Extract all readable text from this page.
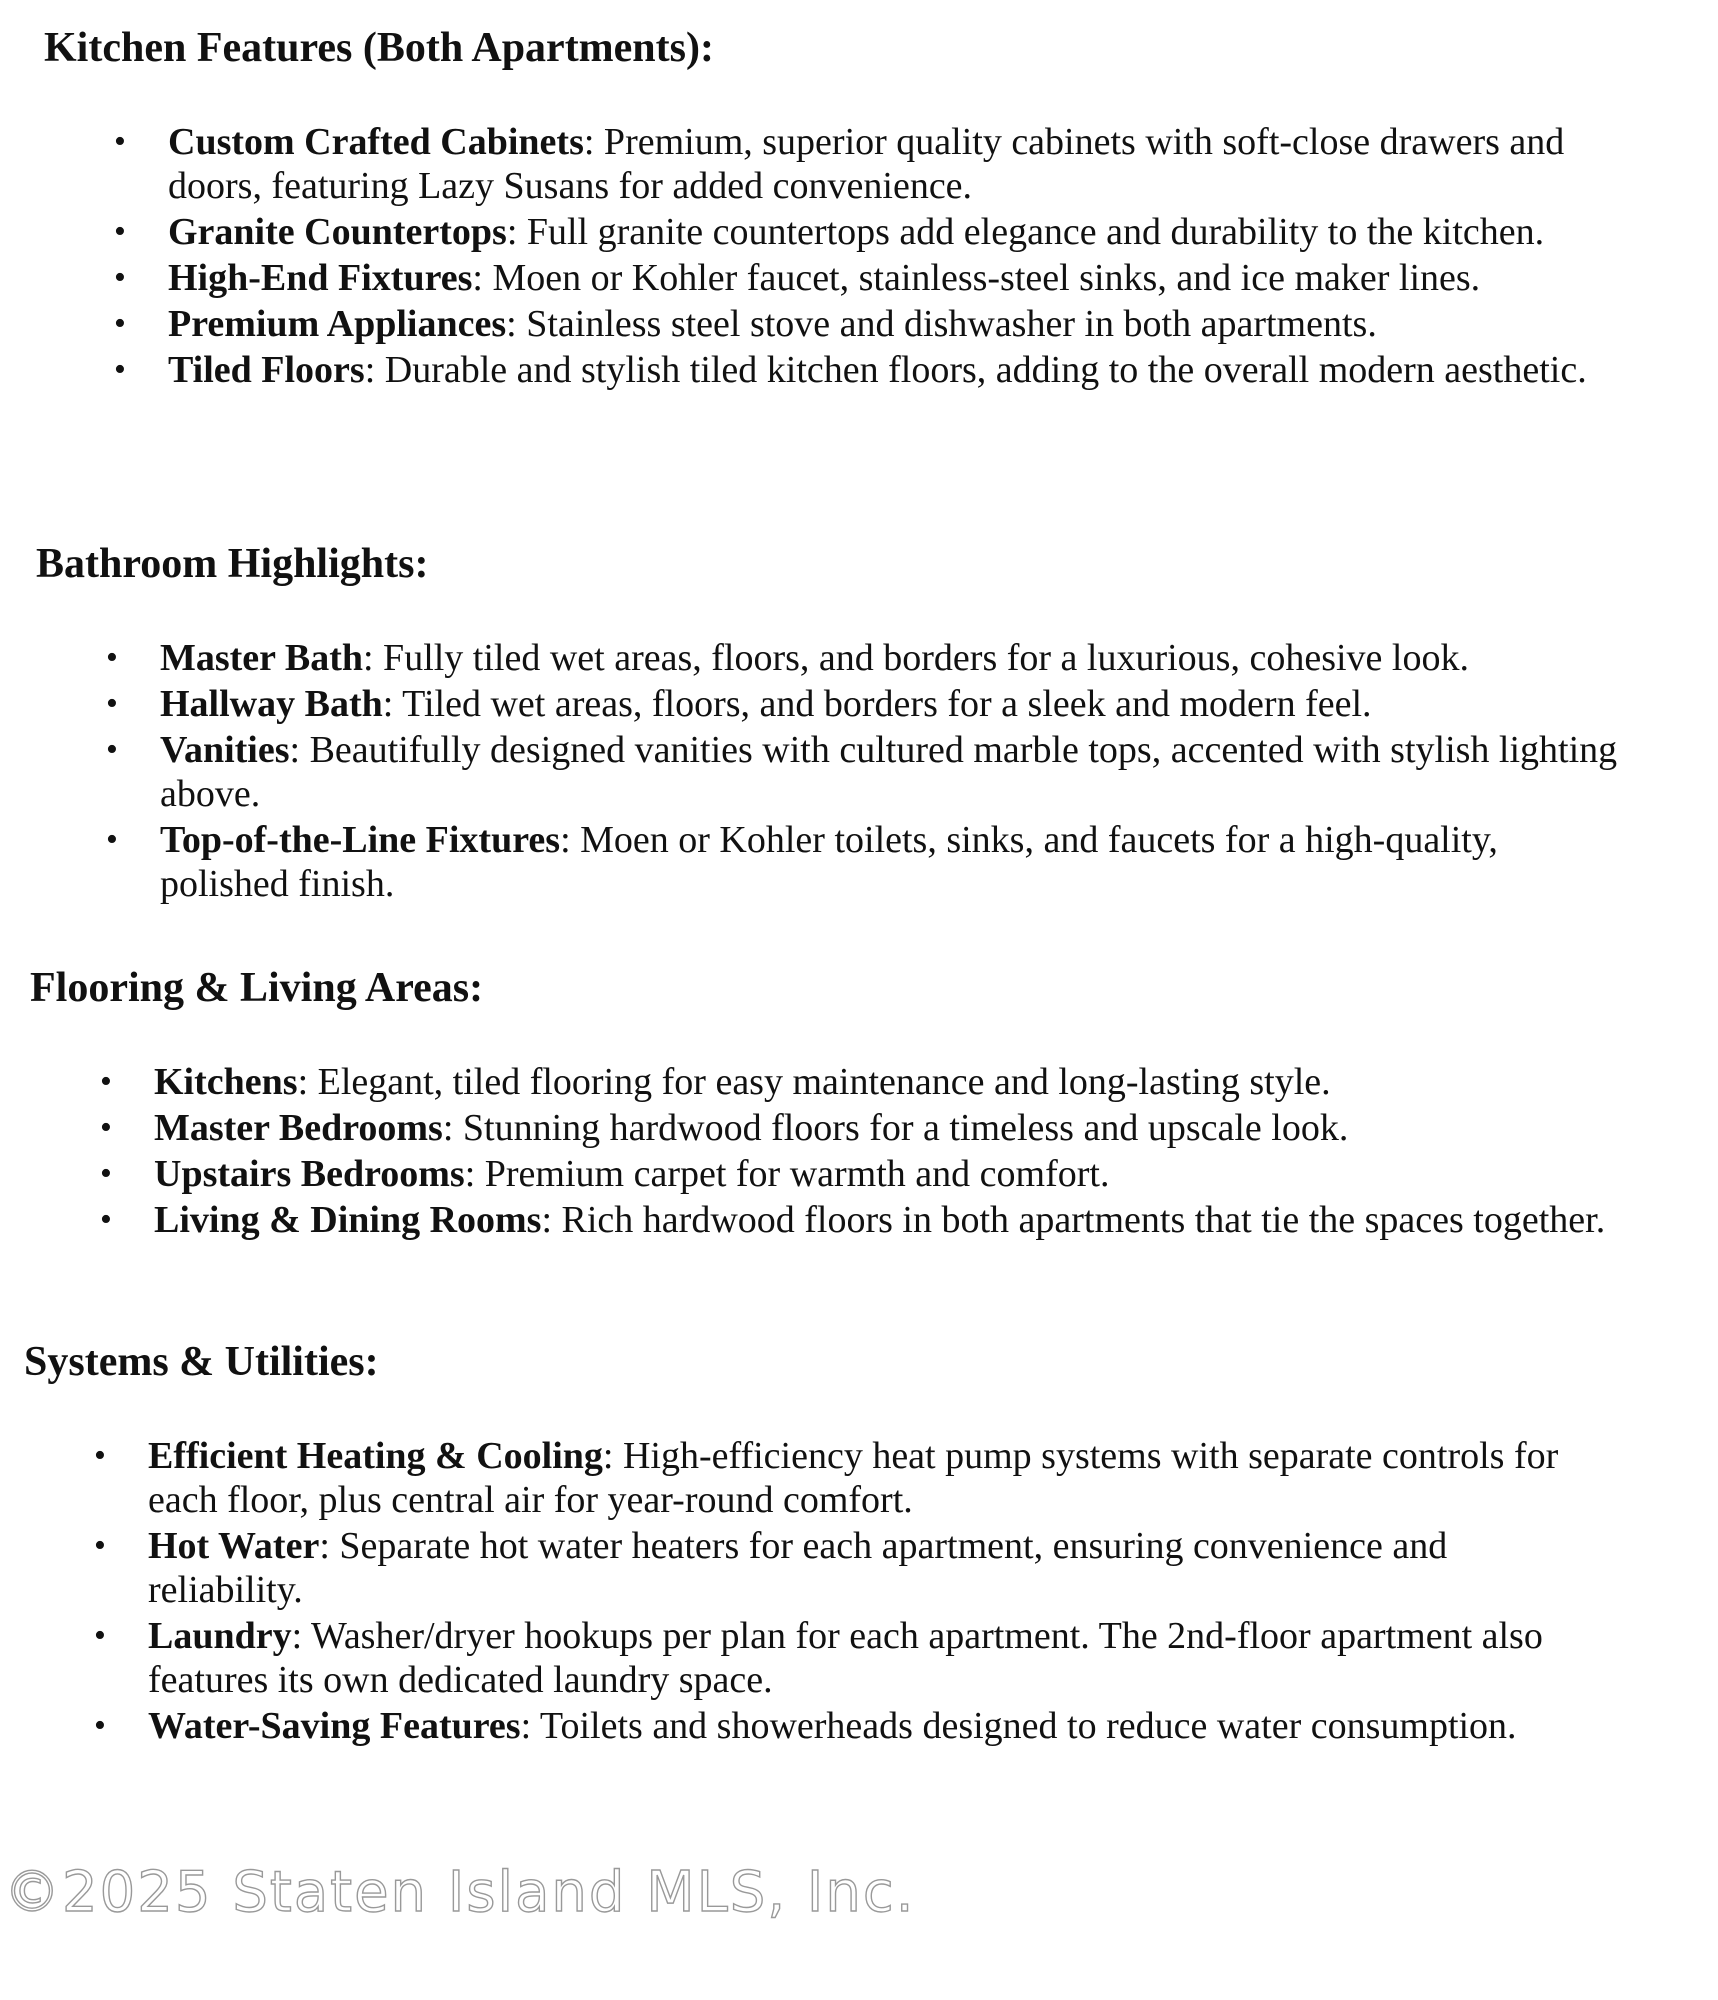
Kitchen Features (Both Apartments):
• Custom Crafted Cabinets: Premium, superior quality cabinets with soft-close drawers and doors, featuring Lazy Susans for added convenience.
• Granite Countertops: Full granite countertops add elegance and durability to the kitchen.
• High-End Fixtures: Moen or Kohler faucet, stainless-steel sinks, and ice maker lines.
• Premium Appliances: Stainless steel stove and dishwasher in both apartments.
• Tiled Floors: Durable and stylish tiled kitchen floors, adding to the overall modern aesthetic.
Bathroom Highlights:
• Master Bath: Fully tiled wet areas, floors, and borders for a luxurious, cohesive look.
• Hallway Bath: Tiled wet areas, floors, and borders for a sleek and modern feel.
• Vanities: Beautifully designed vanities with cultured marble tops, accented with stylish lighting above.
• Top-of-the-Line Fixtures: Moen or Kohler toilets, sinks, and faucets for a high-quality, polished finish.
Flooring & Living Areas:
• Kitchens: Elegant, tiled flooring for easy maintenance and long-lasting style.
• Master Bedrooms: Stunning hardwood floors for a timeless and upscale look.
• Upstairs Bedrooms: Premium carpet for warmth and comfort.
• Living & Dining Rooms: Rich hardwood floors in both apartments that tie the spaces together.
Systems & Utilities:
• Efficient Heating & Cooling: High-efficiency heat pump systems with separate controls for each floor, plus central air for year-round comfort.
• Hot Water: Separate hot water heaters for each apartment, ensuring convenience and reliability.
• Laundry: Washer/dryer hookups per plan for each apartment. The 2nd-floor apartment also features its own dedicated laundry space.
• Water-Saving Features: Toilets and showerheads designed to reduce water consumption.
©2025 Staten Island MLS, Inc.
